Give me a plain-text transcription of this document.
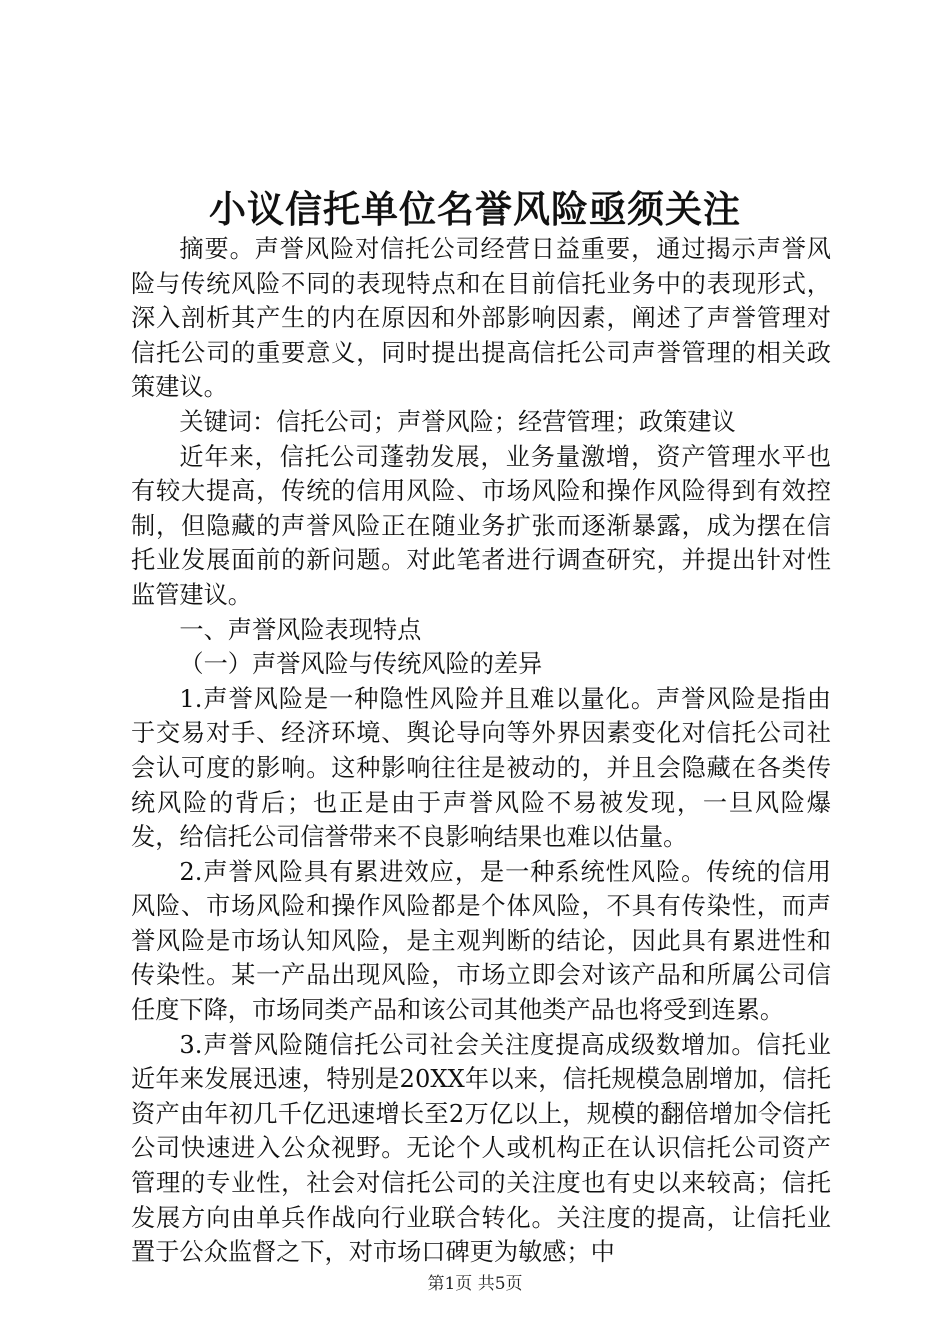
小议信托单位名誉风险亟须关注

摘要。声誉风险对信托公司经营日益重要，通过揭示声誉风险与传统风险不同的表现特点和在目前信托业务中的表现形式，深入剖析其产生的内在原因和外部影响因素，阐述了声誉管理对信托公司的重要意义，同时提出提高信托公司声誉管理的相关政策建议。

关键词：信托公司；声誉风险；经营管理；政策建议

近年来，信托公司蓬勃发展，业务量激增，资产管理水平也有较大提高，传统的信用风险、市场风险和操作风险得到有效控制，但隐藏的声誉风险正在随业务扩张而逐渐暴露，成为摆在信托业发展面前的新问题。对此笔者进行调查研究，并提出针对性监管建议。

一、声誉风险表现特点

（一）声誉风险与传统风险的差异

1.声誉风险是一种隐性风险并且难以量化。声誉风险是指由于交易对手、经济环境、舆论导向等外界因素变化对信托公司社会认可度的影响。这种影响往往是被动的，并且会隐藏在各类传统风险的背后；也正是由于声誉风险不易被发现，一旦风险爆发，给信托公司信誉带来不良影响结果也难以估量。

2.声誉风险具有累进效应，是一种系统性风险。传统的信用风险、市场风险和操作风险都是个体风险，不具有传染性，而声誉风险是市场认知风险，是主观判断的结论，因此具有累进性和传染性。某一产品出现风险，市场立即会对该产品和所属公司信任度下降，市场同类产品和该公司其他类产品也将受到连累。

3.声誉风险随信托公司社会关注度提高成级数增加。信托业近年来发展迅速，特别是20XX年以来，信托规模急剧增加，信托资产由年初几千亿迅速增长至2万亿以上，规模的翻倍增加令信托公司快速进入公众视野。无论个人或机构正在认识信托公司资产管理的专业性，社会对信托公司的关注度也有史以来较高；信托发展方向由单兵作战向行业联合转化。关注度的提高，让信托业置于公众监督之下，对市场口碑更为敏感；中

第1页 共5页
